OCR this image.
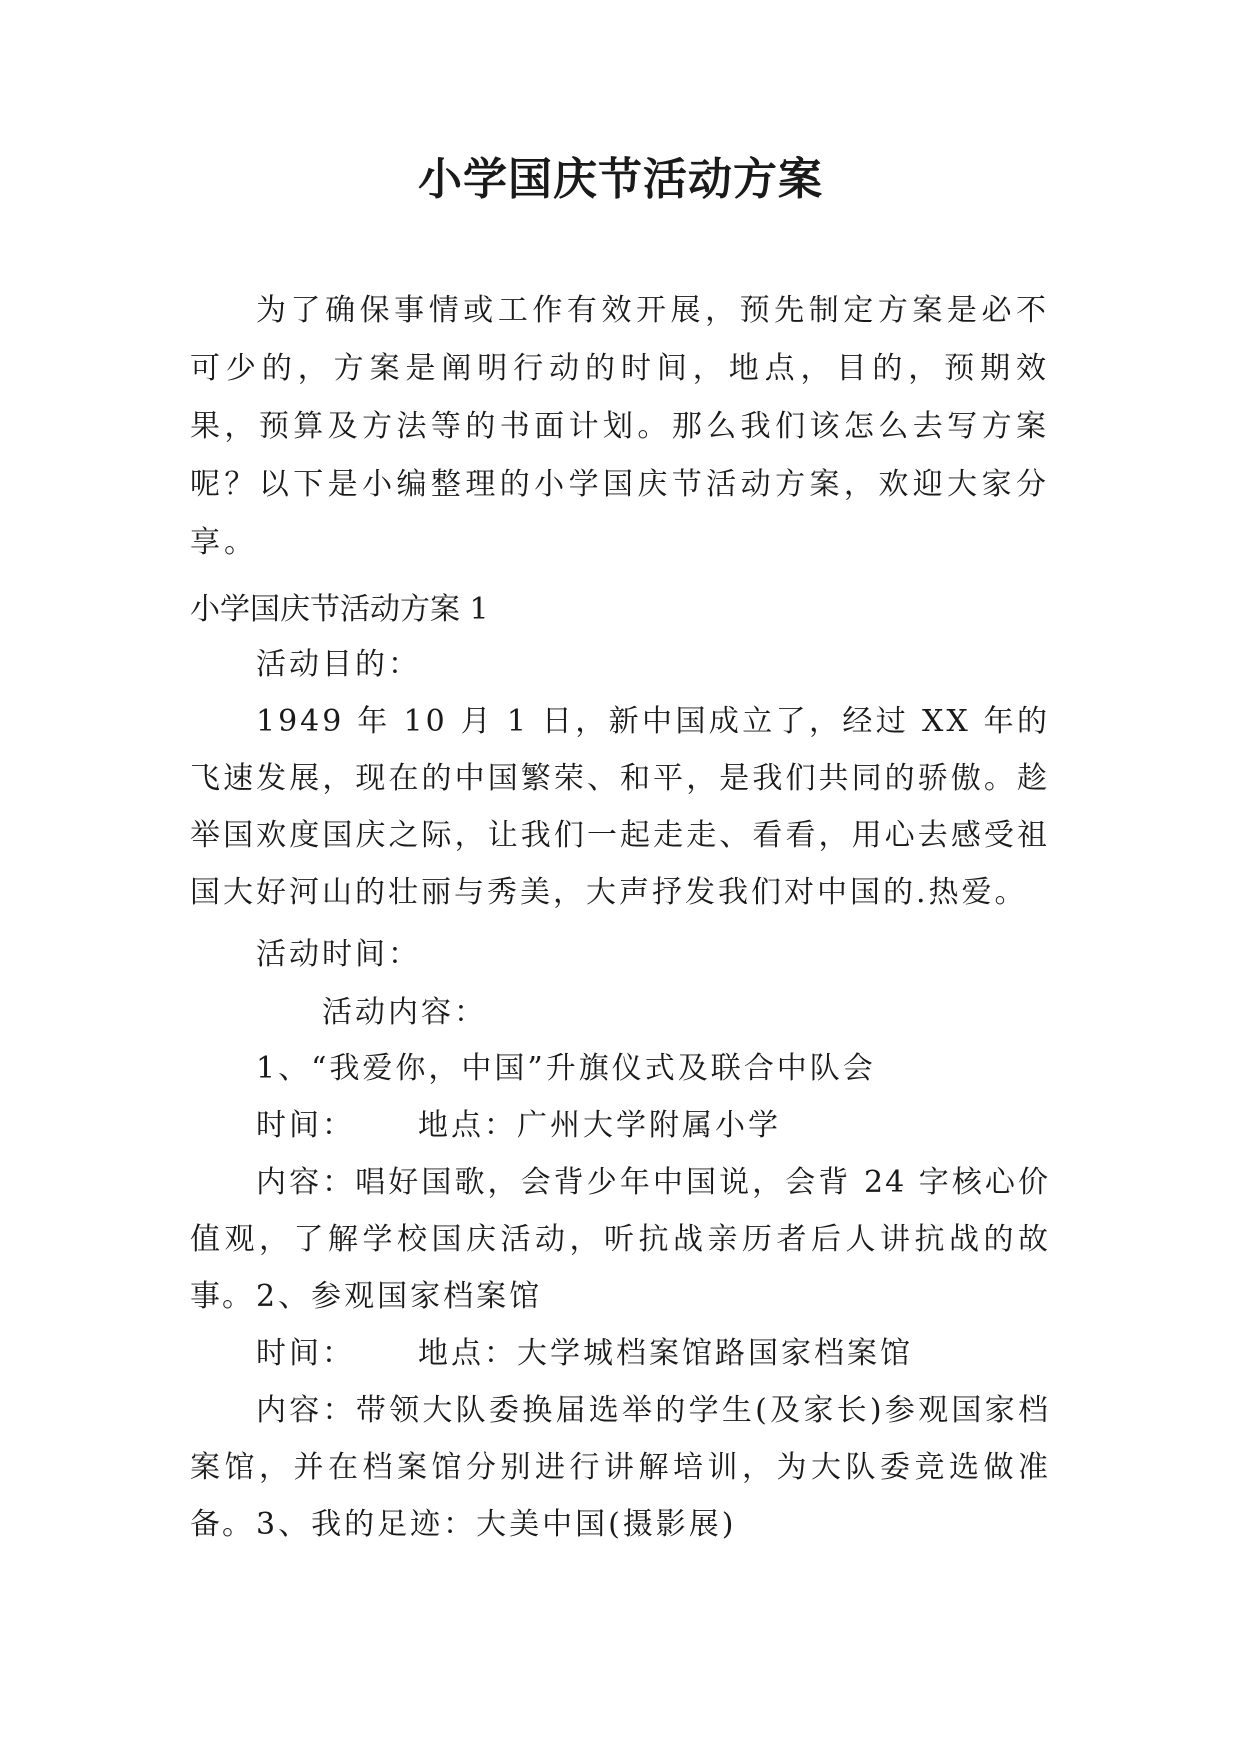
小学国庆节活动方案

为了确保事情或工作有效开展，预先制定方案是必不可少的，方案是阐明行动的时间，地点，目的，预期效果，预算及方法等的书面计划。那么我们该怎么去写方案呢？以下是小编整理的小学国庆节活动方案，欢迎大家分享。

小学国庆节活动方案 1

活动目的：

1949 年 10 月 1 日，新中国成立了，经过 XX 年的飞速发展，现在的中国繁荣、和平，是我们共同的骄傲。趁举国欢度国庆之际，让我们一起走走、看看，用心去感受祖国大好河山的壮丽与秀美，大声抒发我们对中国的.热爱。

活动时间：

活动内容：

1、“我爱你，中国”升旗仪式及联合中队会

时间： 地点：广州大学附属小学

内容：唱好国歌，会背少年中国说，会背 24 字核心价值观，了解学校国庆活动，听抗战亲历者后人讲抗战的故事。 2、参观国家档案馆

时间： 地点：大学城档案馆路国家档案馆

内容：带领大队委换届选举的学生(及家长)参观国家档案馆，并在档案馆分别进行讲解培训，为大队委竞选做准备。 3、我的足迹：大美中国(摄影展)
